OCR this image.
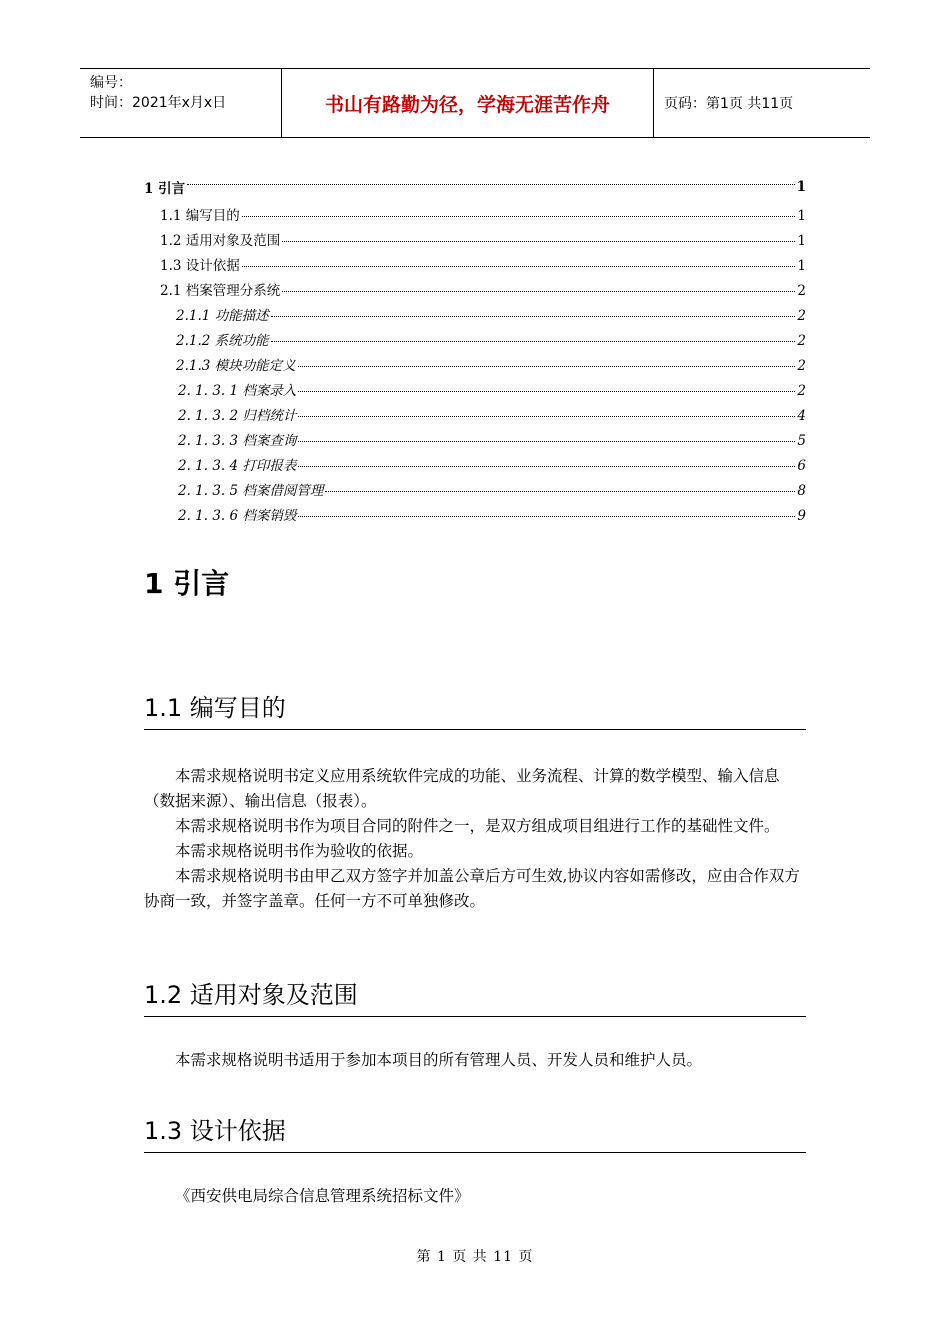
编号：
时间：2021年x月x日	书山有路勤为径，学海无涯苦作舟	页码：第1页 共11页
1 引言	1
1.1 编写目的	1
1.2 适用对象及范围	1
1.3 设计依据	1
2.1 档案管理分系统	2
2.1.1 功能描述	2
2.1.2 系统功能	2
2.1.3 模块功能定义	2
2. 1. 3. 1 档案录入	2
2. 1. 3. 2 归档统计	4
2. 1. 3. 3 档案查询	5
2. 1. 3. 4 打印报表	6
2. 1. 3. 5 档案借阅管理	8
2. 1. 3. 6 档案销毁	9
1 引言
1.1 编写目的

本需求规格说明书定义应用系统软件完成的功能、业务流程、计算的数学模型、输入信息（数据来源）、输出信息（报表）。

本需求规格说明书作为项目合同的附件之一，是双方组成项目组进行工作的基础性文件。

本需求规格说明书作为验收的依据。

本需求规格说明书由甲乙双方签字并加盖公章后方可生效,协议内容如需修改，应由合作双方协商一致，并签字盖章。任何一方不可单独修改。

1.2 适用对象及范围

本需求规格说明书适用于参加本项目的所有管理人员、开发人员和维护人员。

1.3 设计依据

《西安供电局综合信息管理系统招标文件》

第 1 页 共 11 页
